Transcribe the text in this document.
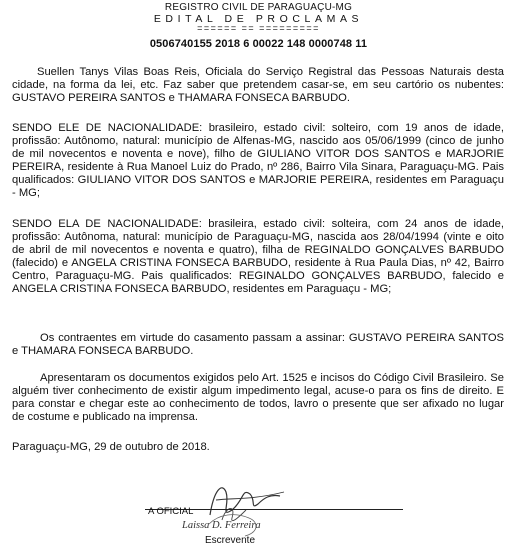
REGISTRO CIVIL DE PARAGUAÇU-MG
EDITAL DE PROCLAMAS
====== == =========
0506740155 2018 6 00022 148 0000748 11
Suellen Tanys Vilas Boas Reis, Oficiala do Serviço Registral das Pessoas Naturais desta cidade, na forma da lei, etc. Faz saber que pretendem casar-se, em seu cartório os nubentes: GUSTAVO PEREIRA SANTOS e THAMARA FONSECA BARBUDO.
SENDO ELE DE NACIONALIDADE: brasileiro, estado civil: solteiro, com 19 anos de idade, profissão: Autônomo, natural: município de Alfenas-MG, nascido aos 05/06/1999 (cinco de junho de mil novecentos e noventa e nove), filho de GIULIANO VITOR DOS SANTOS e MARJORIE PEREIRA, residente à Rua Manoel Luiz do Prado, nº 286, Bairro Vila Sinara, Paraguaçu-MG. Pais qualificados: GIULIANO VITOR DOS SANTOS e MARJORIE PEREIRA, residentes em Paraguaçu - MG;
SENDO ELA DE NACIONALIDADE: brasileira, estado civil: solteira, com 24 anos de idade, profissão: Autônoma, natural: município de Paraguaçu-MG, nascida aos 28/04/1994 (vinte e oito de abril de mil novecentos e noventa e quatro), filha de REGINALDO GONÇALVES BARBUDO (falecido) e ANGELA CRISTINA FONSECA BARBUDO, residente à Rua Paula Dias, nº 42, Bairro Centro, Paraguaçu-MG. Pais qualificados: REGINALDO GONÇALVES BARBUDO, falecido e ANGELA CRISTINA FONSECA BARBUDO, residentes em Paraguaçu - MG;
Os contraentes em virtude do casamento passam a assinar: GUSTAVO PEREIRA SANTOS e THAMARA FONSECA BARBUDO.
Apresentaram os documentos exigidos pelo Art. 1525 e incisos do Código Civil Brasileiro. Se alguém tiver conhecimento de existir algum impedimento legal, acuse-o para os fins de direito. E para constar e chegar este ao conhecimento de todos, lavro o presente que ser afixado no lugar de costume e publicado na imprensa.
Paraguaçu-MG, 29 de outubro de 2018.
A OFICIAL
Laissa D. Ferreira
Escrevente
